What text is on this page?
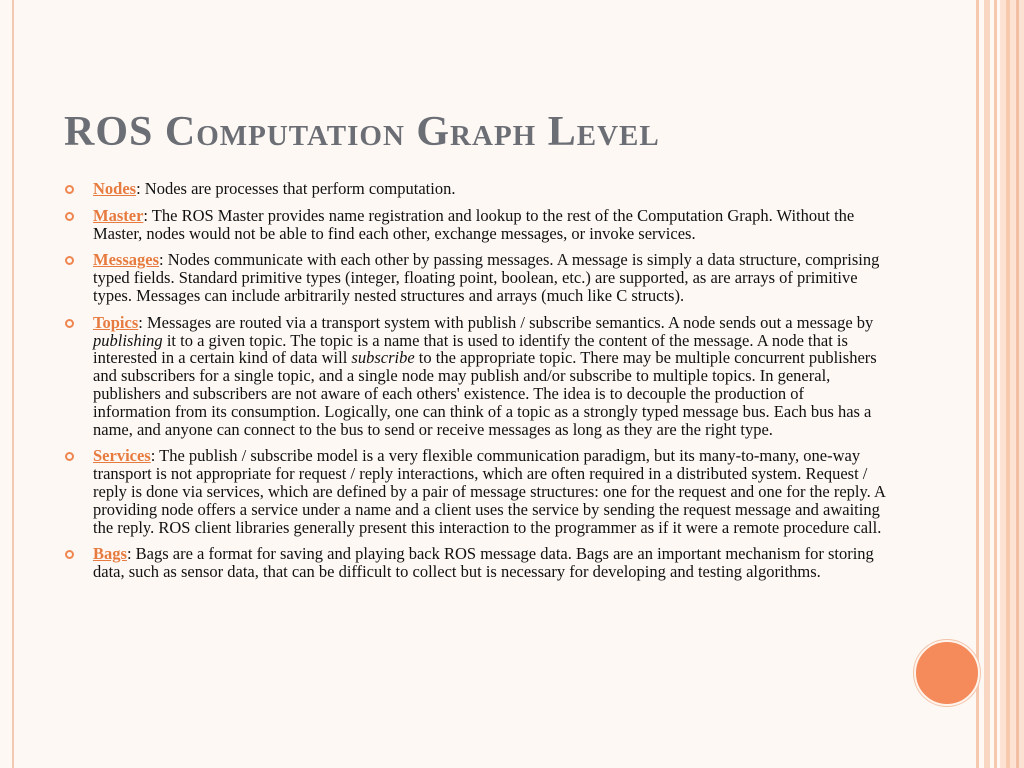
ROS Computation Graph Level
Nodes: Nodes are processes that perform computation.
Master: The ROS Master provides name registration and lookup to the rest of the Computation Graph. Without the Master, nodes would not be able to find each other, exchange messages, or invoke services.
Messages: Nodes communicate with each other by passing messages. A message is simply a data structure, comprising typed fields. Standard primitive types (integer, floating point, boolean, etc.) are supported, as are arrays of primitive types. Messages can include arbitrarily nested structures and arrays (much like C structs).
Topics: Messages are routed via a transport system with publish / subscribe semantics. A node sends out a message by publishing it to a given topic. The topic is a name that is used to identify the content of the message. A node that is interested in a certain kind of data will subscribe to the appropriate topic. There may be multiple concurrent publishers and subscribers for a single topic, and a single node may publish and/or subscribe to multiple topics. In general, publishers and subscribers are not aware of each others' existence. The idea is to decouple the production of information from its consumption. Logically, one can think of a topic as a strongly typed message bus. Each bus has a name, and anyone can connect to the bus to send or receive messages as long as they are the right type.
Services: The publish / subscribe model is a very flexible communication paradigm, but its many-to-many, one-way transport is not appropriate for request / reply interactions, which are often required in a distributed system. Request / reply is done via services, which are defined by a pair of message structures: one for the request and one for the reply. A providing node offers a service under a name and a client uses the service by sending the request message and awaiting the reply. ROS client libraries generally present this interaction to the programmer as if it were a remote procedure call.
Bags: Bags are a format for saving and playing back ROS message data. Bags are an important mechanism for storing data, such as sensor data, that can be difficult to collect but is necessary for developing and testing algorithms.
